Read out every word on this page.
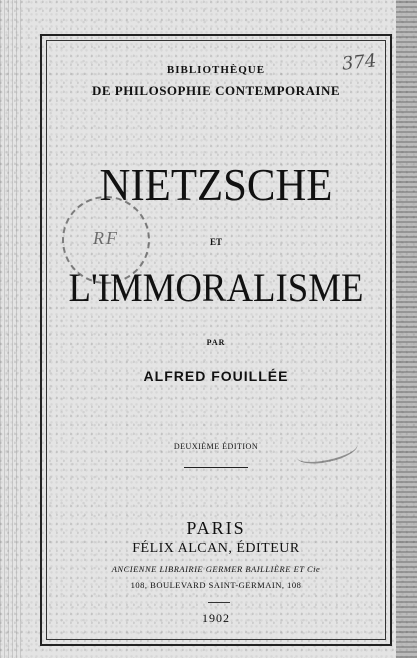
BIBLIOTHÈQUE
DE PHILOSOPHIE CONTEMPORAINE
RF
374
NIETZSCHE
ET
L'IMMORALISME
PAR
ALFRED FOUILLÉE
DEUXIÈME ÉDITION
PARIS
FÉLIX ALCAN, ÉDITEUR
ANCIENNE LIBRAIRIE GERMER BAILLIÈRE ET Cie
108, BOULEVARD SAINT-GERMAIN, 108
1902
